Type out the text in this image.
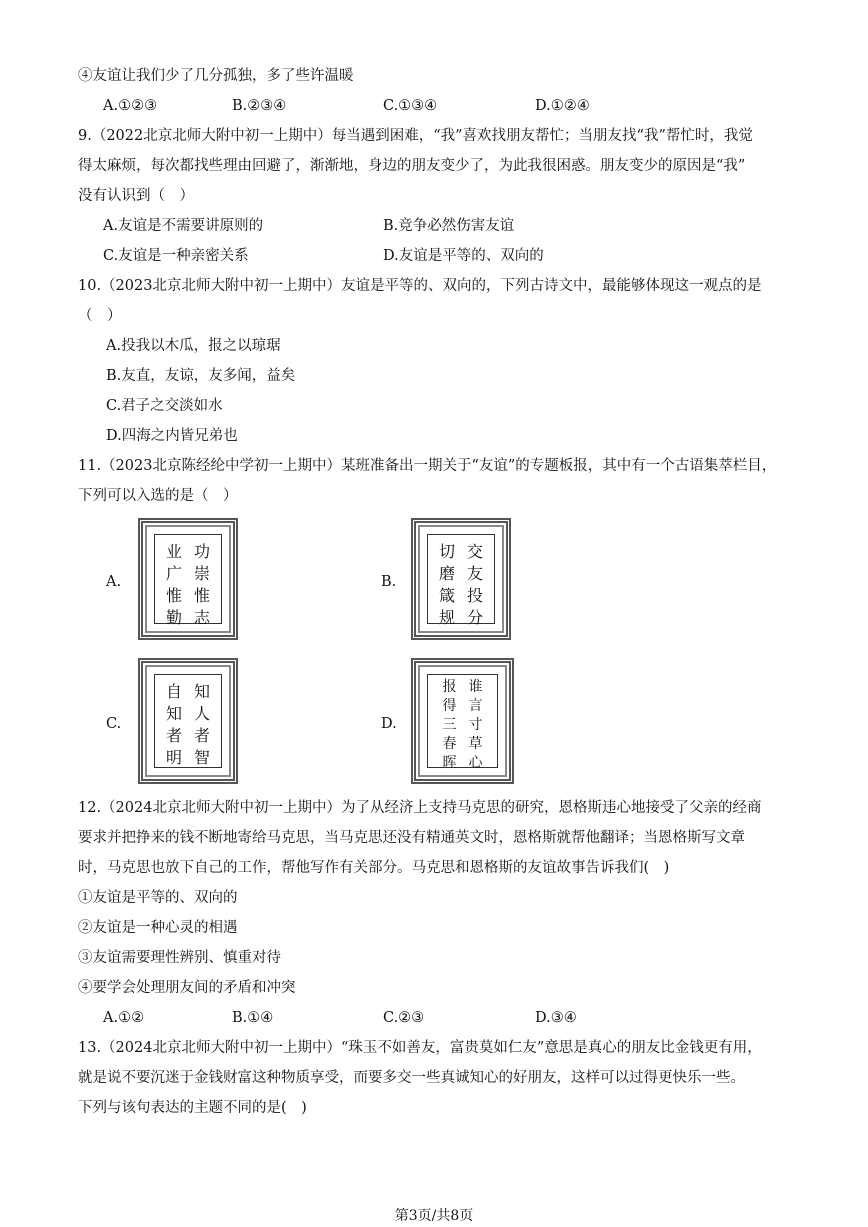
④友谊让我们少了几分孤独，多了些许温暖
A.①②③	B.②③④	C.①③④	D.①②④
9.（2022北京北师大附中初一上期中）每当遇到困难，“我”喜欢找朋友帮忙；当朋友找“我”帮忙时，我觉
得太麻烦，每次都找些理由回避了，渐渐地，身边的朋友变少了，为此我很困惑。朋友变少的原因是“我”
没有认识到（　）
A.友谊是不需要讲原则的	B.竞争必然伤害友谊
C.友谊是一种亲密关系	D.友谊是平等的、双向的
10.（2023北京北师大附中初一上期中）友谊是平等的、双向的，下列古诗文中，最能够体现这一观点的是
（　）
A.投我以木瓜，报之以琼琚
B.友直，友谅，友多闻，益矣
C.君子之交淡如水
D.四海之内皆兄弟也
11.（2023北京陈经纶中学初一上期中）某班准备出一期关于“友谊”的专题板报，其中有一个古语集萃栏目，
下列可以入选的是（　）
A.
功
崇
惟
志
业
广
惟
勤
B.
交
友
投
分
切
磨
箴
规
C.
知
人
者
智
自
知
者
明
D.
谁
言
寸
草
心
报
得
三
春
晖
12.（2024北京北师大附中初一上期中）为了从经济上支持马克思的研究，恩格斯违心地接受了父亲的经商
要求并把挣来的钱不断地寄给马克思，当马克思还没有精通英文时，恩格斯就帮他翻译；当恩格斯写文章
时，马克思也放下自己的工作，帮他写作有关部分。马克思和恩格斯的友谊故事告诉我们(　)
①友谊是平等的、双向的
②友谊是一种心灵的相遇
③友谊需要理性辨别、慎重对待
④要学会处理朋友间的矛盾和冲突
A.①②	B.①④	C.②③	D.③④
13.（2024北京北师大附中初一上期中）“珠玉不如善友，富贵莫如仁友”意思是真心的朋友比金钱更有用，
就是说不要沉迷于金钱财富这种物质享受，而要多交一些真诚知心的好朋友，这样可以过得更快乐一些。
下列与该句表达的主题不同的是(　)
第3页/共8页
